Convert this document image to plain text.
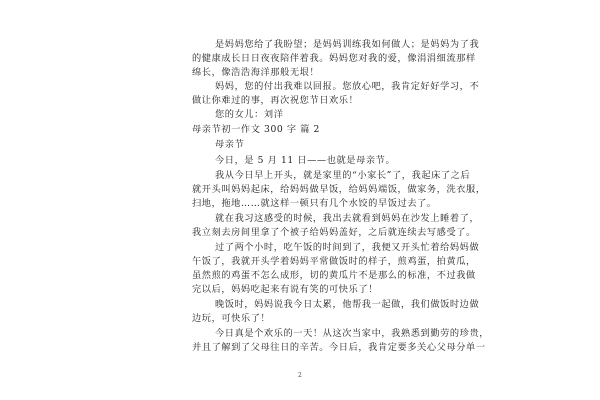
是妈妈您给了我盼望；是妈妈训练我如何做人；是妈妈为了我
的健康成长日日夜夜陪伴着我。妈妈您对我的爱，像涓涓细流那样
绵长，像浩浩海洋那般无垠！
妈妈，您的付出我难以回报。您放心吧，我肯定好好学习，不
做让你难过的事，再次祝您节日欢乐！
您的女儿：刘洋
母亲节初一作文 300 字 篇 2
母亲节
今日，是 5 月 11 日——也就是母亲节。
我从今日早上开头，就是家里的“小家长”了，我起床了之后
就开头叫妈妈起床，给妈妈做早饭，给妈妈端饭，做家务，洗衣服，
扫地，拖地……就这样一顿只有几个水饺的早饭过去了。
就在我习这感受的时候，我出去就看到妈妈在沙发上睡着了，
我立刻去房间里拿了个被子给妈妈盖好，之后就连续去写感受了。
过了两个小时，吃午饭的时间到了，我便又开头忙着给妈妈做
午饭了，我就开头学着妈妈平常做饭时的样子，煎鸡蛋，拍黄瓜，
虽然煎的鸡蛋不怎么成形，切的黄瓜片不是那么的标准，不过我做
完以后，妈妈吃起来有说有笑的可快乐了！
晚饭时，妈妈说我今日太累，他帮我一起做，我们做饭时边做
边玩，可快乐了！
今日真是个欢乐的一天！从这次当家中，我熟悉到勤劳的珍贵，
并且了解到了父母往日的辛苦。今日后，我肯定要多关心父母分单一
2
